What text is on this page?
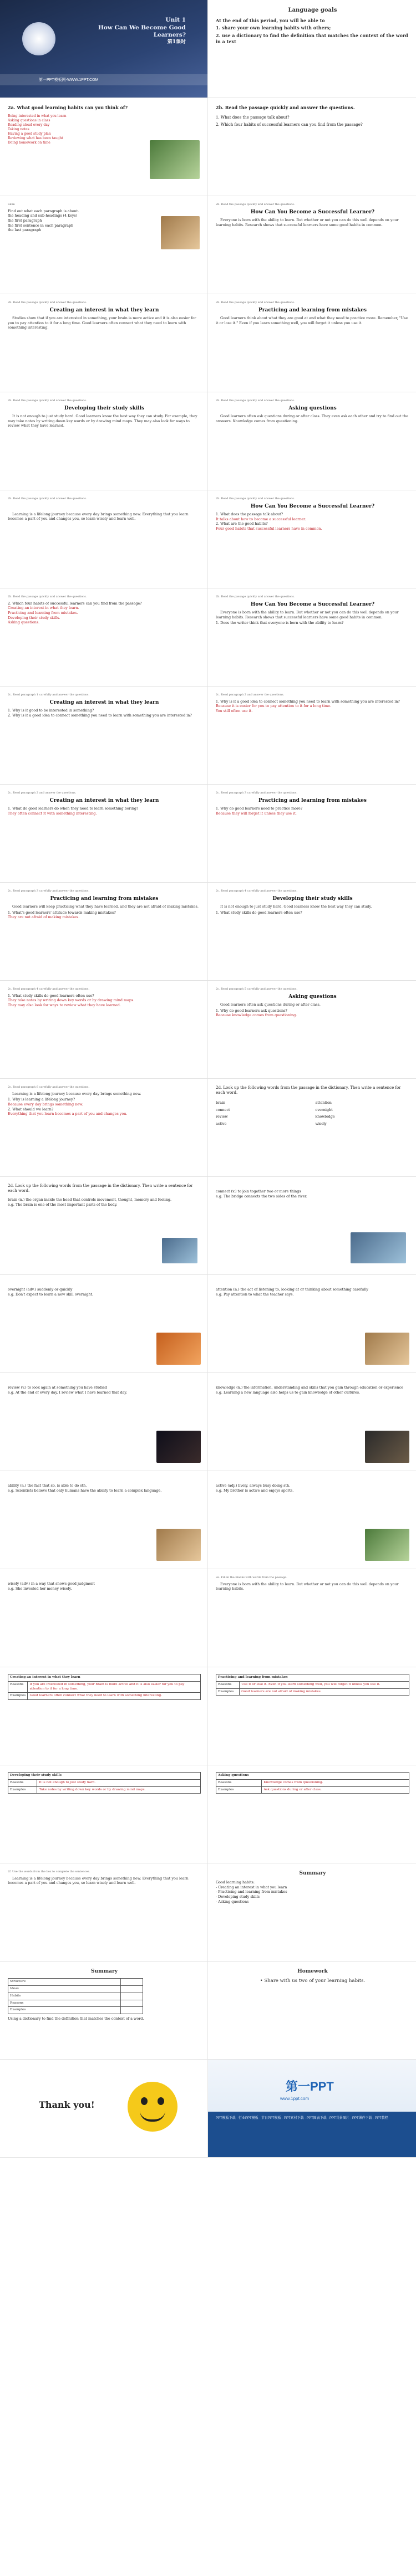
Unit 1
How Can We Become Good Learners?
第1课时
第一PPT模板网-WWW.1PPT.COM
Language goals
At the end of this period, you will be able to
1. share your own learning habits with others;
2. use a dictionary to find the definition that matches the context of the word in a text
2a. What good learning habits can you think of?
Being interested in what you learn
Asking questions in class
Reading aloud every day
Taking notes
Having a good study plan
Reviewing what has been taught
Doing homework on time
2b. Read the passage quickly and answer the questions.
1. What does the passage talk about?
2. Which four habits of successful learners can you find from the passage?
Skim
Find out what each paragraph is about.
the heading and sub-headings (4 keys)
the first paragraph
the first sentence in each paragraph
the last paragraph
2b. Read the passage quickly and answer the questions.
How Can You Become a Successful Learner?
Everyone is born with the ability to learn. But whether or not you can do this well depends on your learning habits. Research shows that successful learners have some good habits in common.
2b. Read the passage quickly and answer the questions.
Creating an interest in what they learn
Studies show that if you are interested in something, your brain is more active and it is also easier for you to pay attention to it for a long time. Good learners often connect what they need to learn with something interesting.
2b. Read the passage quickly and answer the questions.
Practicing and learning from mistakes
Good learners think about what they are good at and what they need to practice more. Remember, "Use it or lose it." Even if you learn something well, you will forget it unless you use it.
2b. Read the passage quickly and answer the questions.
Developing their study skills
It is not enough to just study hard. Good learners know the best way they can study. For example, they may take notes by writing down key words or by drawing mind maps. They may also look for ways to review what they have learned.
2b. Read the passage quickly and answer the questions.
Asking questions
Good learners often ask questions during or after class. They even ask each other and try to find out the answers. Knowledge comes from questioning.
2b. Read the passage quickly and answer the questions.
Learning is a lifelong journey because every day brings something new. Everything that you learn becomes a part of you and changes you, so learn wisely and learn well.
2b. Read the passage quickly and answer the questions.
How Can You Become a Successful Learner?
1. What does the passage talk about?
It talks about how to become a successful learner.
2. What are the good habits?
Four good habits that successful learners have in common.
2b. Read the passage quickly and answer the questions.
2. Which four habits of successful learners can you find from the passage?
Creating an interest in what they learn.
Practicing and learning from mistakes.
Developing their study skills.
Asking questions.
2b. Read the passage quickly and answer the questions.
How Can You Become a Successful Learner?
Everyone is born with the ability to learn. But whether or not you can do this well depends on your learning habits. Research shows that successful learners have some good habits in common.
1. Does the writer think that everyone is born with the ability to learn?
2c. Read paragraph 1 carefully and answer the questions.
Creating an interest in what they learn
1. Why is it good to be interested in something?
2. Why is it a good idea to connect something you need to learn with something you are interested in?
2c. Read paragraph 2 and answer the questions.
1. Why is it a good idea to connect something you need to learn with something you are interested in?
Because it is easier for you to pay attention to it for a long time.
You still often use it.
2c. Read paragraph 2 and answer the questions.
Creating an interest in what they learn
1. What do good learners do when they need to learn something boring?
They often connect it with something interesting.
2c. Read paragraph 3 carefully and answer the questions.
Practicing and learning from mistakes
1. Why do good learners need to practice more?
Because they will forget it unless they use it.
2c. Read paragraph 3 carefully and answer the questions.
Practicing and learning from mistakes
Good learners will keep practicing what they have learned, and they are not afraid of making mistakes.
1. What's good learners' attitude towards making mistakes?
They are not afraid of making mistakes.
2c. Read paragraph 4 carefully and answer the questions.
Developing their study skills
It is not enough to just study hard. Good learners know the best way they can study.
1. What study skills do good learners often use?
2c. Read paragraph 4 carefully and answer the questions.
1. What study skills do good learners often use?
They take notes by writing down key words or by drawing mind maps.
They may also look for ways to review what they have learned.
2c. Read paragraph 5 carefully and answer the questions.
Asking questions
Good learners often ask questions during or after class.
1. Why do good learners ask questions?
Because knowledge comes from questioning.
2c. Read paragraph 6 carefully and answer the questions.
Learning is a lifelong journey because every day brings something new.
1. Why is learning a lifelong journey?
Because every day brings something new.
2. What should we learn?
Everything that you learn becomes a part of you and changes you.
2d. Look up the following words from the passage in the dictionary. Then write a sentence for each word.
brain	attention
connect	overnight
review	knowledge
active	wisely
2d. Look up the following words from the passage in the dictionary. Then write a sentence for each word.
brain (n.) the organ inside the head that controls movement, thought, memory and feeling.
e.g. The brain is one of the most important parts of the body.
connect (v.) to join together two or more things
e.g. The bridge connects the two sides of the river.
overnight (adv.) suddenly or quickly
e.g. Don't expect to learn a new skill overnight.
attention (n.) the act of listening to, looking at or thinking about something carefully
e.g. Pay attention to what the teacher says.
review (v.) to look again at something you have studied
e.g. At the end of every day, I review what I have learned that day.
knowledge (n.) the information, understanding and skills that you gain through education or experience
e.g. Learning a new language also helps us to gain knowledge of other cultures.
ability (n.) the fact that sb. is able to do sth.
e.g. Scientists believe that only humans have the ability to learn a complex language.
active (adj.) lively, always busy doing sth.
e.g. My brother is active and enjoys sports.
wisely (adv.) in a way that shows good judgment
e.g. She invested her money wisely.
2e. Fill in the blanks with words from the passage.
Everyone is born with the ability to learn. But whether or not you can do this well depends on your learning habits.
Creating an interest in what they learn	
Reasons	If you are interested in something, your brain is more active and it is also easier for you to pay attention to it for a long time.
Examples	Good learners often connect what they need to learn with something interesting.
Practicing and learning from mistakes	
Reasons	Use it or lose it. Even if you learn something well, you will forget it unless you use it.
Examples	Good learners are not afraid of making mistakes.
Developing their study skills	
Reasons	It is not enough to just study hard.
Examples	Take notes by writing down key words or by drawing mind maps.
Asking questions	
Reasons	Knowledge comes from questioning.
Examples	Ask questions during or after class.
2f. Use the words from the box to complete the sentences.
Learning is a lifelong journey because every day brings something new. Everything that you learn becomes a part of you and changes you, so learn wisely and learn well.
Summary
Good learning habits:
- Creating an interest in what you learn
- Practicing and learning from mistakes
- Developing study skills
- Asking questions
Summary
Structure	
Ideas	
Habits	
Reasons	
Examples	
Using a dictionary to find the definition that matches the context of a word.
Homework
• Share with us two of your learning habits.
Thank you!
第一PPT
www.1ppt.com
PPT模板下载 · 行业PPT模板 · 节日PPT模板 · PPT素材下载 · PPT图表下载 · PPT背景图片 · PPT课件下载 · PPT教程
